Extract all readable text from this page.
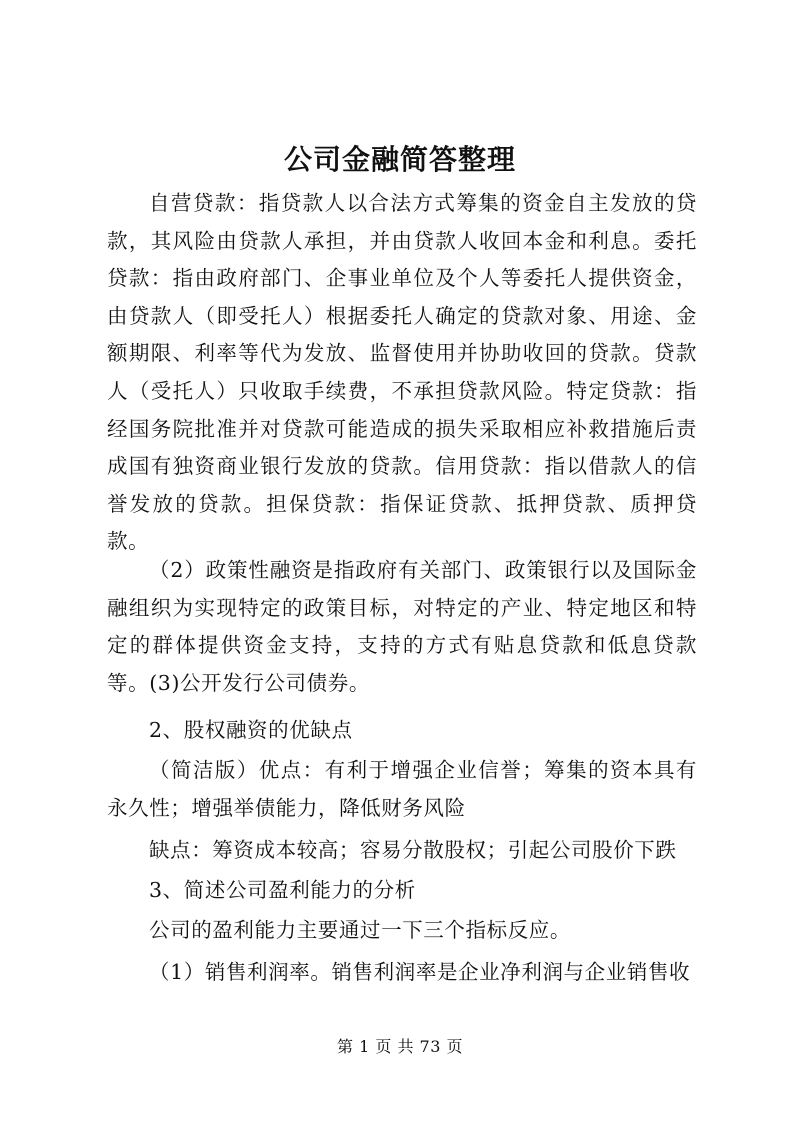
公司金融简答整理
自营贷款：指贷款人以合法方式筹集的资金自主发放的贷款，其风险由贷款人承担，并由贷款人收回本金和利息。委托贷款：指由政府部门、企事业单位及个人等委托人提供资金，由贷款人（即受托人）根据委托人确定的贷款对象、用途、金额期限、利率等代为发放、监督使用并协助收回的贷款。贷款人（受托人）只收取手续费，不承担贷款风险。特定贷款：指经国务院批准并对贷款可能造成的损失采取相应补救措施后责成国有独资商业银行发放的贷款。信用贷款：指以借款人的信誉发放的贷款。担保贷款：指保证贷款、抵押贷款、质押贷款。
（2）政策性融资是指政府有关部门、政策银行以及国际金融组织为实现特定的政策目标，对特定的产业、特定地区和特定的群体提供资金支持，支持的方式有贴息贷款和低息贷款等。(3)公开发行公司债券。
2、股权融资的优缺点
（简洁版）优点：有利于增强企业信誉；筹集的资本具有永久性；增强举债能力，降低财务风险
缺点：筹资成本较高；容易分散股权；引起公司股价下跌
3、简述公司盈利能力的分析
公司的盈利能力主要通过一下三个指标反应。
（1）销售利润率。销售利润率是企业净利润与企业销售收
第 1 页 共 73 页
